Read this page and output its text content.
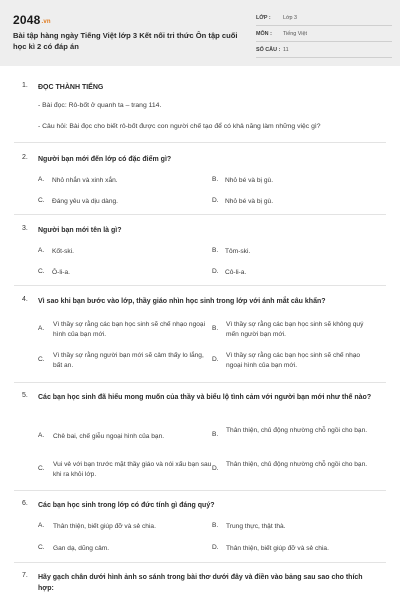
2048.vn
Bài tập hàng ngày Tiếng Việt lớp 3 Kết nối tri thức Ôn tập cuối học kì 2 có đáp án
LỚP : Lớp 3
MÔN : Tiếng Việt
SỐ CÂU : 11
1. ĐỌC THÀNH TIẾNG
- Bài đọc: Rô-bốt ở quanh ta – trang 114.
- Câu hỏi: Bài đọc cho biết rô-bốt được con người chế tạo để có khả năng làm những việc gì?
2. Người bạn mới đến lớp có đặc điểm gì?
A. Nhỏ nhắn và xinh xắn.	B. Nhỏ bé và bị gù.
C. Đáng yêu và dịu dàng.	D. Nhỏ bé và bị gù.
3. Người bạn mới tên là gì?
A. Kốt-ski.	B. Tôm-ski.
C. Ô-li-a.	D. Cô-li-a.
4. Vì sao khi bạn bước vào lớp, thầy giáo nhìn học sinh trong lớp với ánh mắt câu khẩn?
A.
Vì thầy sợ rằng các bạn học sinh sẽ chế nhạo ngoại hình của bạn mới.
B.
Vì thầy sợ rằng các bạn học sinh sẽ không quý mến người bạn mới.
C.
Vì thầy sợ rằng người bạn mới sẽ cảm thấy lo lắng, bất an.
D.
Vì thầy sợ rằng các bạn học sinh sẽ chế nhạo ngoại hình của bạn mới.
5. Các bạn học sinh đã hiểu mong muốn của thầy và biểu lộ tình cảm với người bạn mới như thế nào?
A. Chê bai, chế giễu ngoại hình của bạn.	B.
Thân thiện, chủ động nhường chỗ ngồi cho bạn.
C.
Vui vẻ với bạn trước mặt thầy giáo và nói xấu bạn sau khi ra khỏi lớp.
D.
Thân thiện, chủ động nhường chỗ ngồi cho bạn.
6. Các bạn học sinh trong lớp có đức tính gì đáng quý?
A. Thân thiện, biết giúp đỡ và sẻ chia.	B. Trung thực, thật thà.
C. Gan dạ, dũng cảm.	D. Thân thiện, biết giúp đỡ và sẻ chia.
7. Hãy gạch chân dưới hình ảnh so sánh trong bài thơ dưới đây và điền vào bảng sau sao cho thích hợp:
